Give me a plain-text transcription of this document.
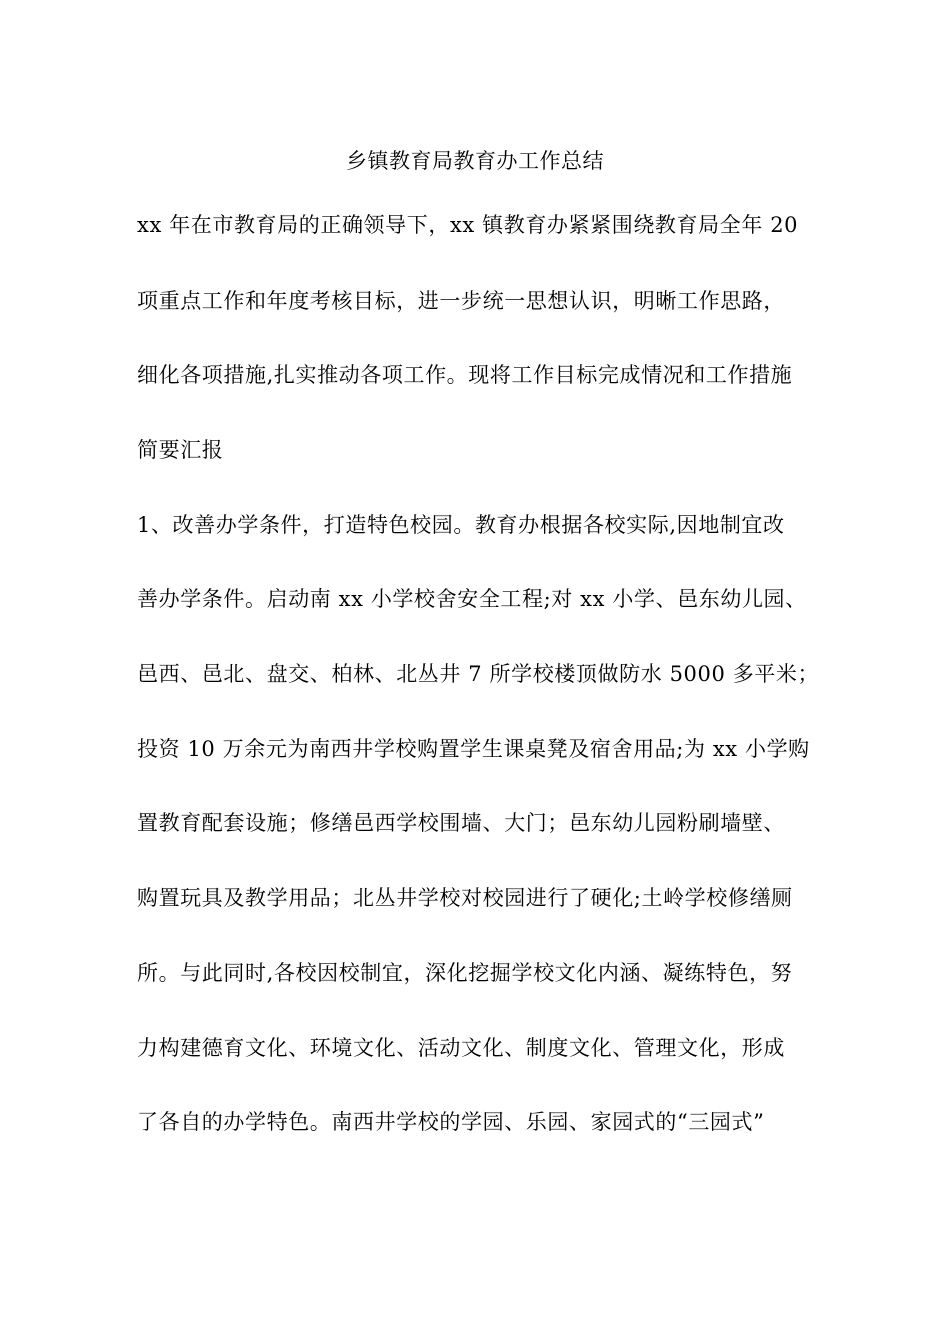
乡镇教育局教育办工作总结
xx 年在市教育局的正确领导下，xx 镇教育办紧紧围绕教育局全年 20
项重点工作和年度考核目标，进一步统一思想认识，明晰工作思路，
细化各项措施,扎实推动各项工作。现将工作目标完成情况和工作措施
简要汇报
1、改善办学条件，打造特色校园。教育办根据各校实际,因地制宜改
善办学条件。启动南 xx 小学校舍安全工程;对 xx 小学、邑东幼儿园、
邑西、邑北、盘交、柏林、北丛井 7 所学校楼顶做防水 5000 多平米；
投资 10 万余元为南西井学校购置学生课桌凳及宿舍用品;为 xx 小学购
置教育配套设施；修缮邑西学校围墙、大门；邑东幼儿园粉刷墙壁、
购置玩具及教学用品；北丛井学校对校园进行了硬化;土岭学校修缮厕
所。与此同时,各校因校制宜，深化挖掘学校文化内涵、凝练特色，努
力构建德育文化、环境文化、活动文化、制度文化、管理文化，形成
了各自的办学特色。南西井学校的学园、乐园、家园式的“三园式”
